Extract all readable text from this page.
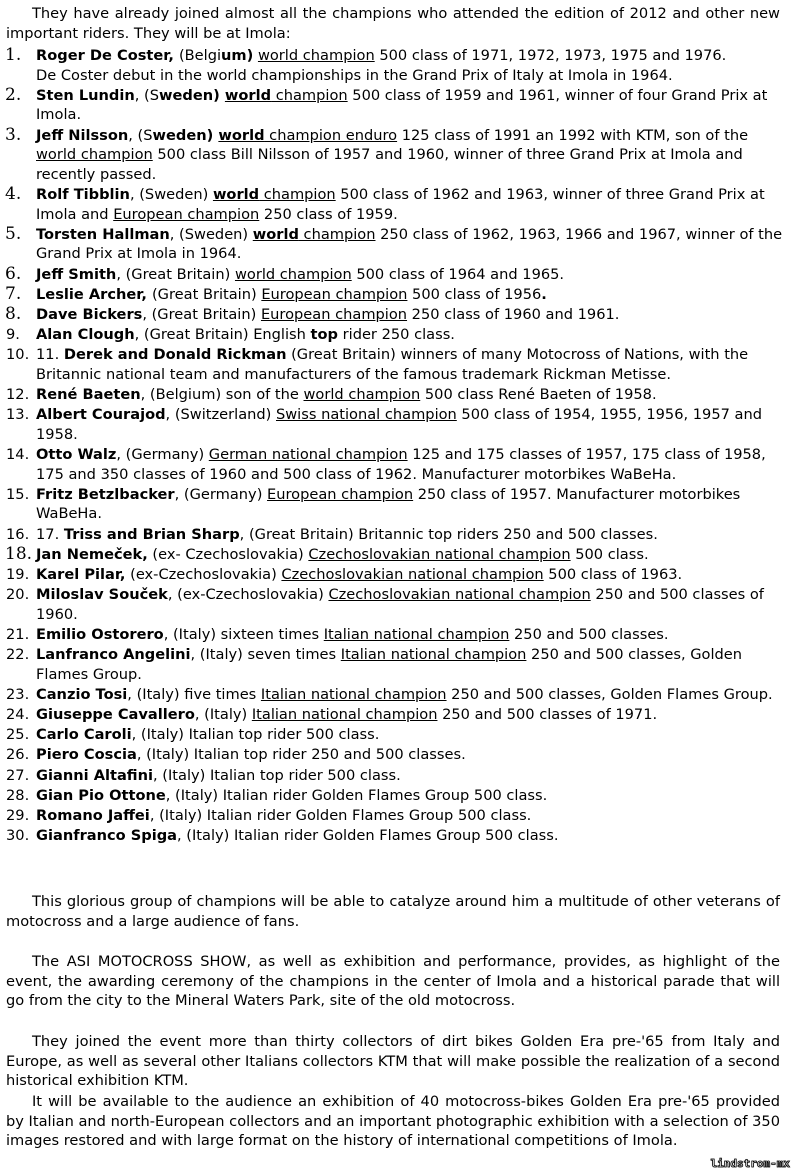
They have already joined almost all the champions who attended the edition of 2012 and other new important riders. They will be at Imola:

1. Roger De Coster, (Belgium) world champion 500 class of 1971, 1972, 1973, 1975 and 1976.
De Coster debut in the world championships in the Grand Prix of Italy at Imola in 1964.
2. Sten Lundin, (Sweden) world champion 500 class of 1959 and 1961, winner of four Grand Prix at Imola.
3. Jeff Nilsson, (Sweden) world champion enduro 125 class of 1991 an 1992 with KTM, son of the world champion 500 class Bill Nilsson of 1957 and 1960, winner of three Grand Prix at Imola and recently passed.
4. Rolf Tibblin, (Sweden) world champion 500 class of 1962 and 1963, winner of three Grand Prix at Imola and European champion 250 class of 1959.
5. Torsten Hallman, (Sweden) world champion 250 class of 1962, 1963, 1966 and 1967, winner of the Grand Prix at Imola in 1964.
6. Jeff Smith, (Great Britain) world champion 500 class of 1964 and 1965.
7. Leslie Archer, (Great Britain) European champion 500 class of 1956.
8. Dave Bickers, (Great Britain) European champion 250 class of 1960 and 1961.
9. Alan Clough, (Great Britain) English top rider 250 class.
10. 11. Derek and Donald Rickman (Great Britain) winners of many Motocross of Nations, with the Britannic national team and manufacturers of the famous trademark Rickman Metisse.
12. René Baeten, (Belgium) son of the world champion 500 class René Baeten of 1958.
13. Albert Courajod, (Switzerland) Swiss national champion 500 class of 1954, 1955, 1956, 1957 and 1958.
14. Otto Walz, (Germany) German national champion 125 and 175 classes of 1957, 175 class of 1958, 175 and 350 classes of 1960 and 500 class of 1962. Manufacturer motorbikes WaBeHa.
15. Fritz Betzlbacker, (Germany) European champion 250 class of 1957. Manufacturer motorbikes WaBeHa.
16. 17. Triss and Brian Sharp, (Great Britain) Britannic top riders 250 and 500 classes.
18. Jan Nemeček, (ex- Czechoslovakia) Czechoslovakian national champion 500 class.
19. Karel Pilar, (ex-Czechoslovakia) Czechoslovakian national champion 500 class of 1963.
20. Miloslav Souček, (ex-Czechoslovakia) Czechoslovakian national champion 250 and 500 classes of 1960.
21. Emilio Ostorero, (Italy) sixteen times Italian national champion 250 and 500 classes.
22. Lanfranco Angelini, (Italy) seven times Italian national champion 250 and 500 classes, Golden Flames Group.
23. Canzio Tosi, (Italy) five times Italian national champion 250 and 500 classes, Golden Flames Group.
24. Giuseppe Cavallero, (Italy) Italian national champion 250 and 500 classes of 1971.
25. Carlo Caroli, (Italy) Italian top rider 500 class.
26. Piero Coscia, (Italy) Italian top rider 250 and 500 classes.
27. Gianni Altafini, (Italy) Italian top rider 500 class.
28. Gian Pio Ottone, (Italy) Italian rider Golden Flames Group 500 class.
29. Romano Jaffei, (Italy) Italian rider Golden Flames Group 500 class.
30. Gianfranco Spiga, (Italy) Italian rider Golden Flames Group 500 class.

This glorious group of champions will be able to catalyze around him a multitude of other veterans of motocross and a large audience of fans.

The ASI MOTOCROSS SHOW, as well as exhibition and performance, provides, as highlight of the event, the awarding ceremony of the champions in the center of Imola and a historical parade that will go from the city to the Mineral Waters Park, site of the old motocross.

They joined the event more than thirty collectors of dirt bikes Golden Era pre-'65 from Italy and Europe, as well as several other Italians collectors KTM that will make possible the realization of a second historical exhibition KTM.

It will be available to the audience an exhibition of 40 motocross-bikes Golden Era pre-'65 provided by Italian and north-European collectors and an important photographic exhibition with a selection of 350 images restored and with large format on the history of international competitions of Imola.

lindstrom-mx
